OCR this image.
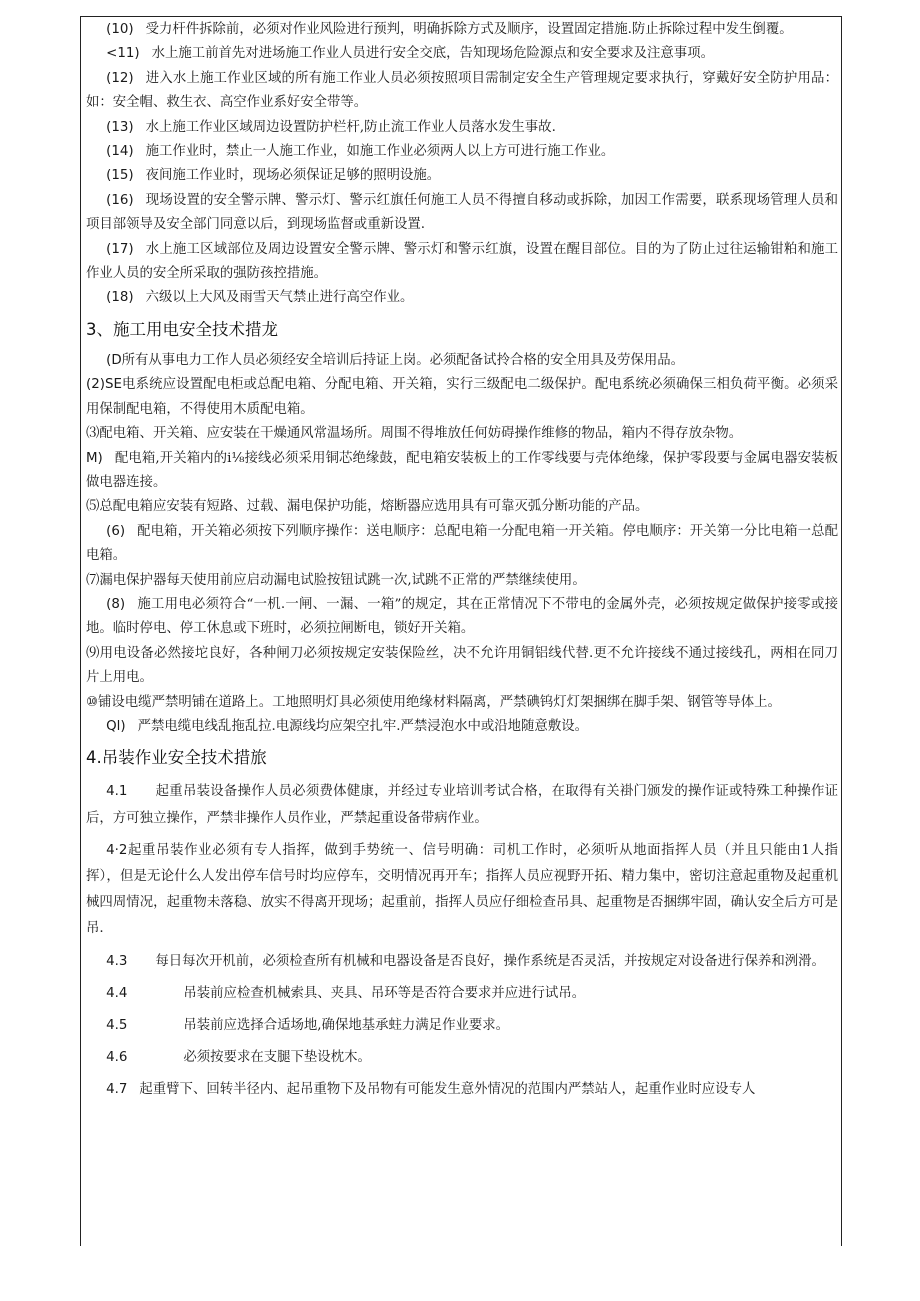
(10) 受力杆件拆除前，必须对作业风险进行预判，明确拆除方式及顺序，设置固定措施.防止拆除过程中发生倒覆。

<11) 水上施工前首先对进场施工作业人员进行安全交底，告知现场危险源点和安全要求及注意事项。

(12) 进入水上施工作业区域的所有施工作业人员必须按照项目需制定安全生产管理规定要求执行，穿戴好安全防护用品：如：安全帽、救生衣、高空作业系好安全带等。

(13) 水上施工作业区域周边设置防护栏杆,防止流工作业人员落水发生事故.

(14) 施工作业时，禁止一人施工作业，如施工作业必须两人以上方可进行施工作业。

(15) 夜间施工作业时，现场必须保证足够的照明设施。

(16) 现场设置的安全警示牌、警示灯、警示红旗任何施工人员不得擅自移动或拆除，加因工作需要，联系现场管理人员和项目部领导及安全部门同意以后，到现场监督或重新设置.

(17) 水上施工区域部位及周边设置安全警示牌、警示灯和警示红旗，设置在醒目部位。目的为了防止过往运输钳粕和施工作业人员的安全所采取的强防孩控措施。

(18) 六级以上大风及雨雪天气禁止进行高空作业。

3、施工用电安全技术措龙

(D所有从事电力工作人员必须经安全培训后持证上岗。必须配备试拎合格的安全用具及劳保用品。

(2)SE电系统应设置配电柜或总配电箱、分配电箱、开关箱，实行三级配电二级保护。配电系统必须确保三相负荷平衡。必须采用保制配电箱，不得使用木质配电箱。

⑶配电箱、开关箱、应安装在干燥通风常温场所。周围不得堆放任何妨碍操作维修的物品，箱内不得存放杂物。

M) 配电箱,开关箱内的i⅛接线必须采用铜芯绝缘鼓，配电箱安装板上的工作零线要与壳体绝缘，保护零段要与金属电器安装板做电器连接。

⑸总配电箱应安装有短路、过载、漏电保护功能，熔断器应选用具有可靠灭弧分断功能的产品。

(6) 配电箱，开关箱必须按下列顺序操作：送电顺序：总配电箱一分配电箱一开关箱。停电顺序：开关第一分比电箱一总配电箱。

⑺漏电保护器每天使用前应启动漏电试脸按钮试跳一次,试跳不正常的严禁继续使用。

(8) 施工用电必须符合“一机.一闸、一漏、一箱”的规定，其在正常情况下不带电的金属外壳，必须按规定做保护接零或接地。临时停电、停工休息或下班时，必须拉闸断电，锁好开关箱。

⑼用电设备必然接坨良好，各种闸刀必须按规定安装保险丝，决不允许用铜铝线代替.更不允许接线不通过接线孔，两相在同刀片上用电。

⑩铺设电缆严禁明铺在道路上。工地照明灯具必须使用绝缘材料隔离，严禁碘钨灯灯架捆绑在脚手架、钢管等导体上。

Ql) 严禁电缆电线乱拖乱拉.电源线均应架空扎牢.严禁浸泡水中或沿地随意敷设。

4.吊装作业安全技术措旅

4.1 起重吊装设备操作人员必须费体健康，并经过专业培训考试合格，在取得有关褂门颁发的操作证或特殊工种操作证后，方可独立操作，严禁非操作人员作业，严禁起重设备带病作业。

4·2起重吊装作业必须有专人指挥，做到手势统一、信号明确：司机工作时，必须听从地面指挥人员（并且只能由1人指挥），但是无论什么人发出停车信号时均应停车，交明情况再开车；指挥人员应视野开拓、精力集中，密切注意起重物及起重机械四周情况，起重物未落稳、放实不得离开现场；起重前，指挥人员应仔细检查吊具、起重物是否捆绑牢固，确认安全后方可是吊.

4.3 每日每次开机前，必须检查所有机械和电器设备是否良好，操作系统是否灵活，并按规定对设备进行保养和洌滑。

4.4	吊装前应检查机械索具、夹具、吊环等是否符合要求并应进行试吊。

4.5	吊装前应选择合适场地,确保地基承蛀力满足作业要求。

4.6	必须按要求在支腿下垫设枕木。

4.7 起重臂下、回转半径内、起吊重物下及吊物有可能发生意外情况的范围内严禁站人，起重作业时应设专人
